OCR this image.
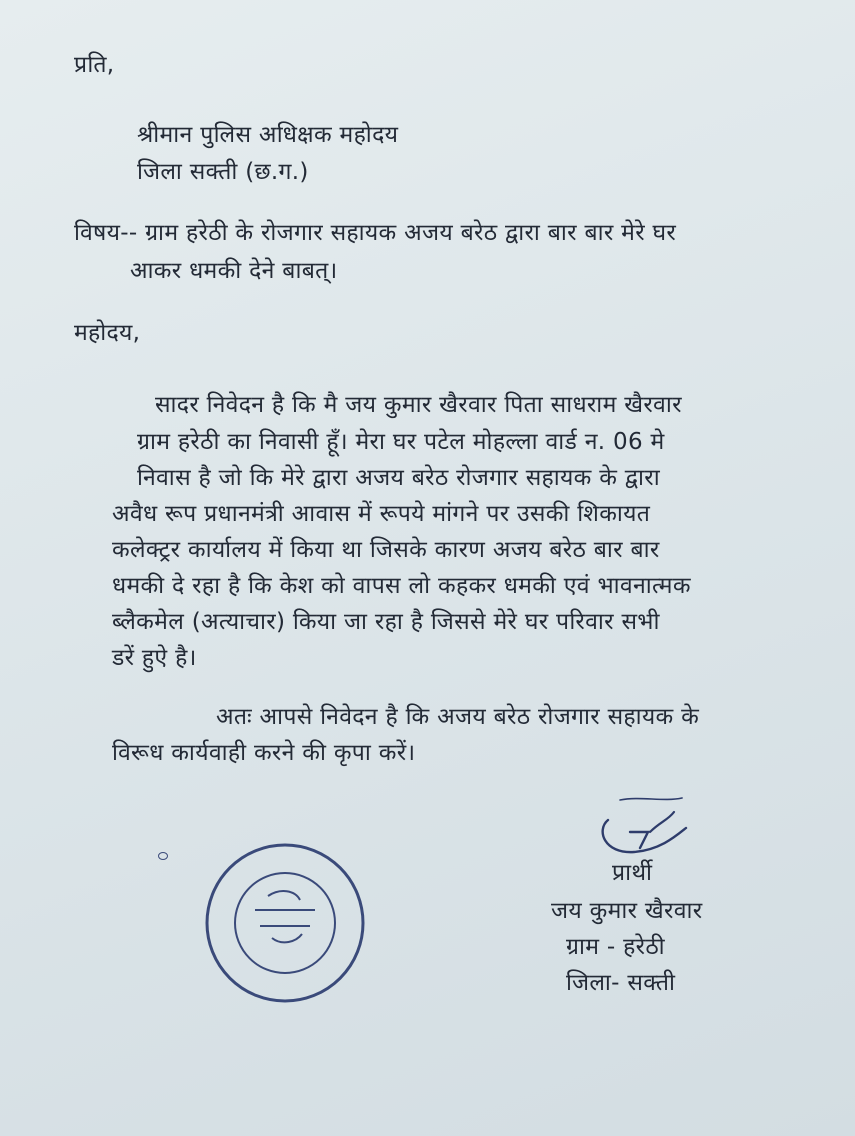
प्रति,
श्रीमान पुलिस अधिक्षक महोदय
जिला सक्ती (छ.ग.)
विषय-- ग्राम हरेठी के रोजगार सहायक अजय बरेठ द्वारा बार बार मेरे घर
आकर धमकी देने बाबत्।
महोदय,
सादर निवेदन है कि मै जय कुमार खैरवार पिता साधराम खैरवार
ग्राम हरेठी का निवासी हूँ। मेरा घर पटेल मोहल्ला वार्ड न. 06 मे
निवास है जो कि मेरे द्वारा अजय बरेठ रोजगार सहायक के द्वारा
अवैध रूप प्रधानमंत्री आवास में रूपये मांगने पर उसकी शिकायत
कलेक्ट्रर कार्यालय में किया था जिसके कारण अजय बरेठ बार बार
धमकी दे रहा है कि केश को वापस लो कहकर धमकी एवं भावनात्मक
ब्लैकमेल (अत्याचार) किया जा रहा है जिससे मेरे घर परिवार सभी
डरें हुऐ है।
अतः आपसे निवेदन है कि अजय बरेठ रोजगार सहायक के
विरूध कार्यवाही करने की कृपा करें।
प्रार्थी
जय कुमार खैरवार
ग्राम - हरेठी
जिला- सक्ती
